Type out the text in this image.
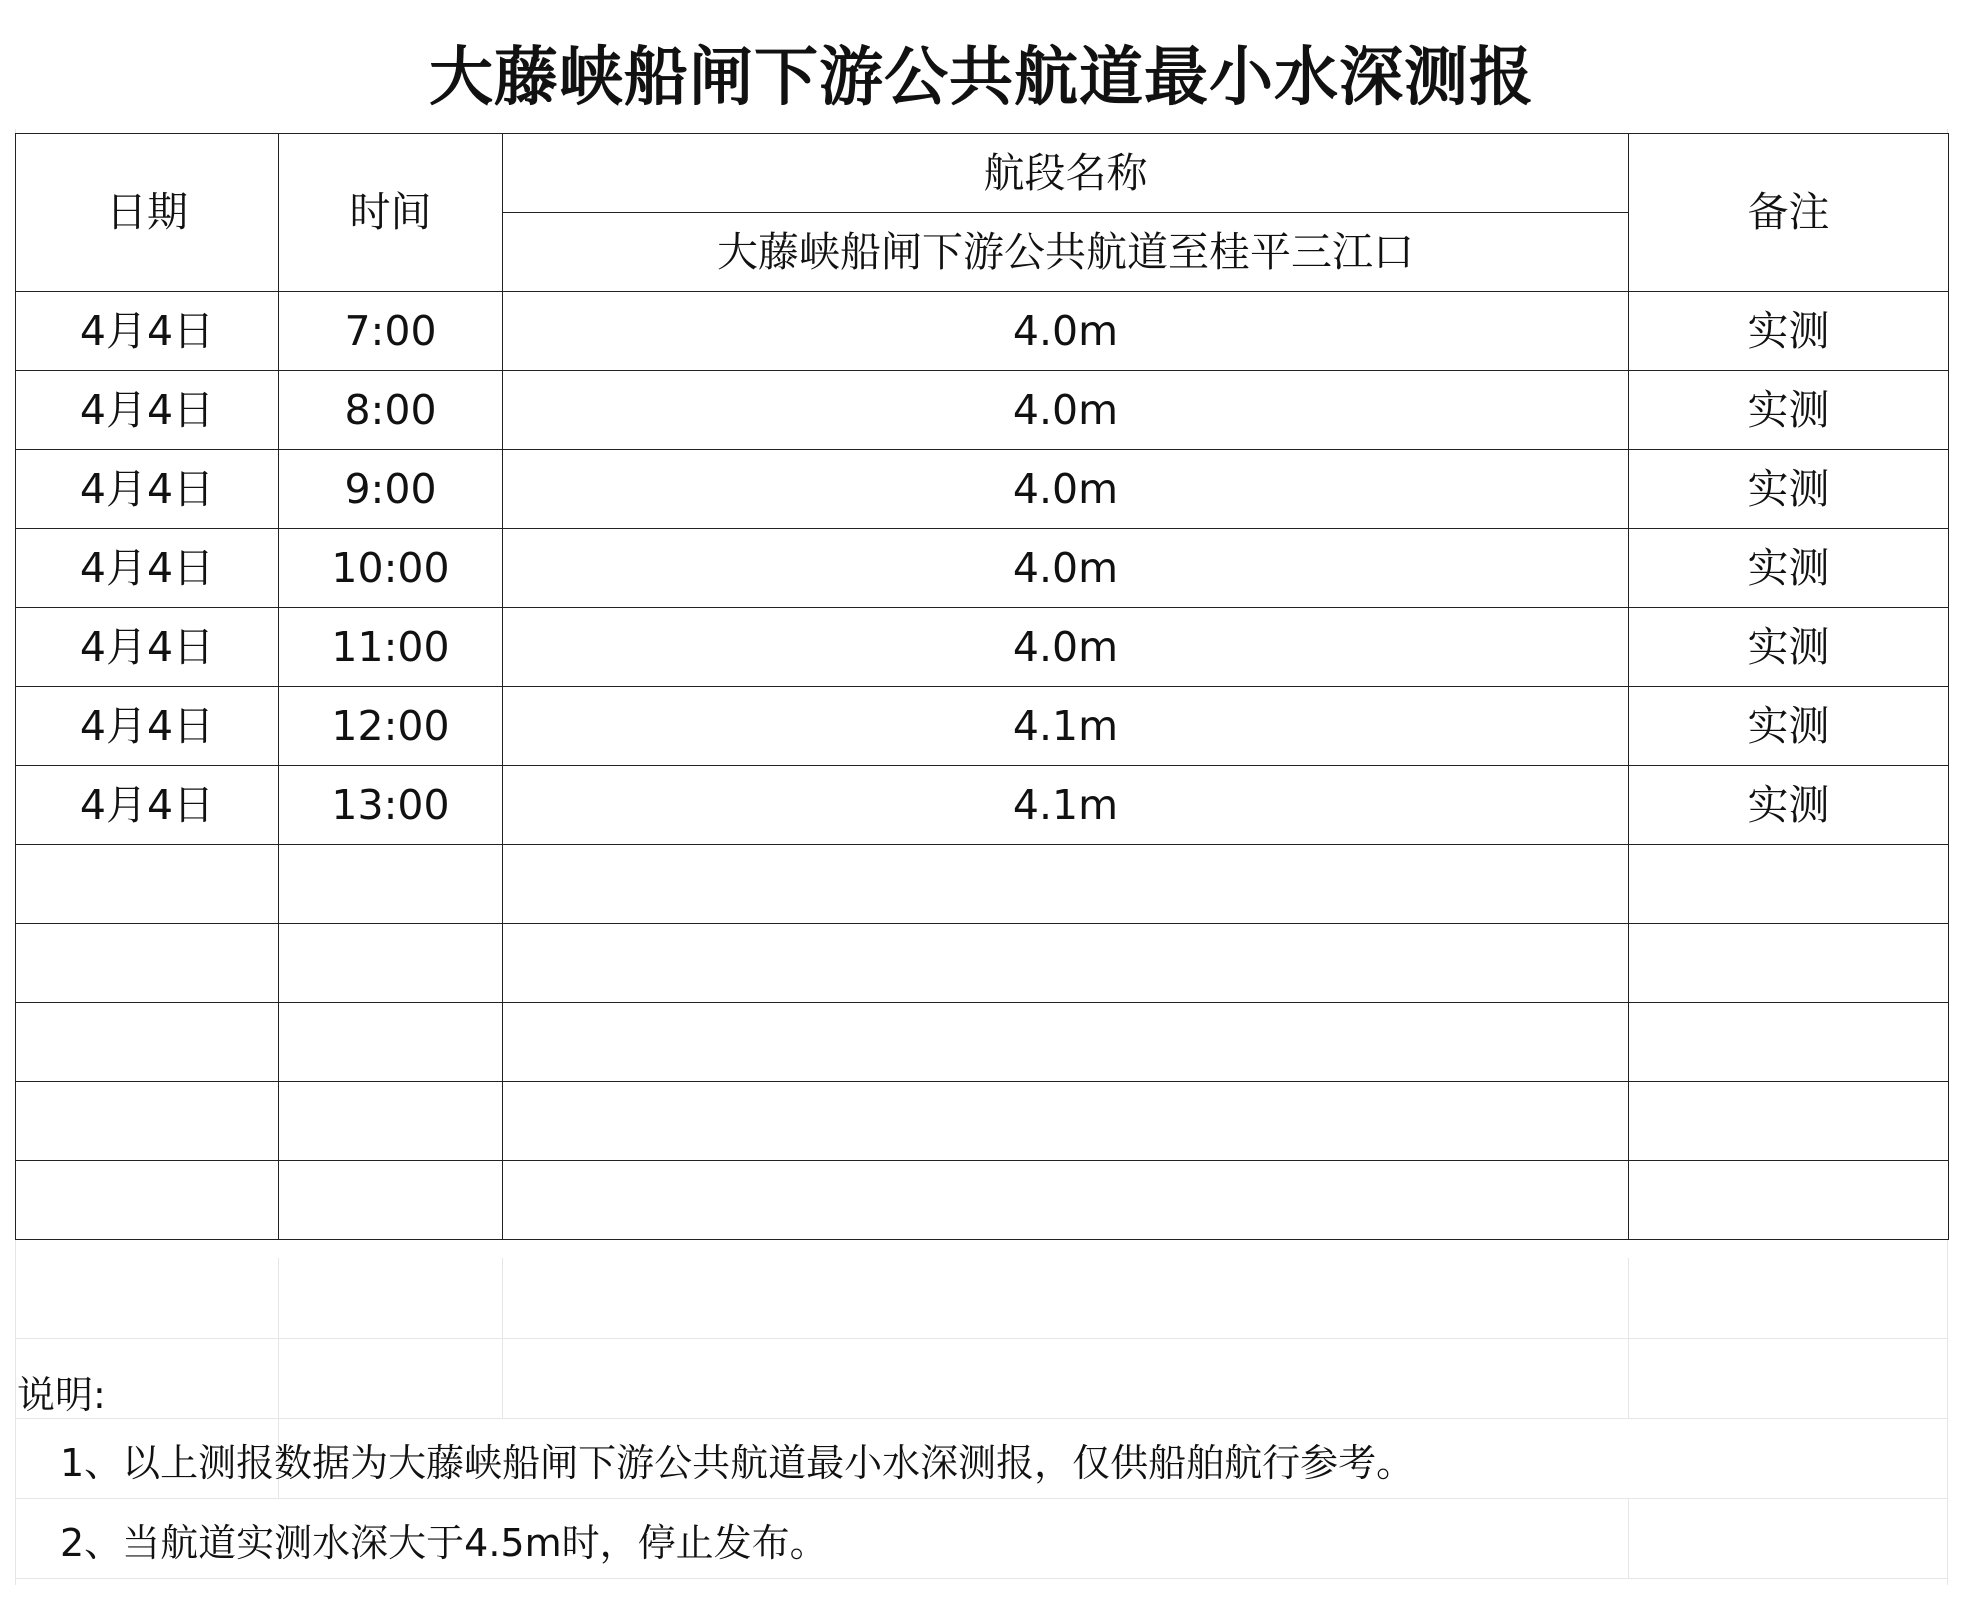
大藤峡船闸下游公共航道最小水深测报
日期	时间	航段名称	备注
		大藤峡船闸下游公共航道至桂平三江口	
4月4日	7:00	4.0m	实测
4月4日	8:00	4.0m	实测
4月4日	9:00	4.0m	实测
4月4日	10:00	4.0m	实测
4月4日	11:00	4.0m	实测
4月4日	12:00	4.1m	实测
4月4日	13:00	4.1m	实测

说明:
1、以上测报数据为大藤峡船闸下游公共航道最小水深测报，仅供船舶航行参考。
2、当航道实测水深大于4.5m时，停止发布。
